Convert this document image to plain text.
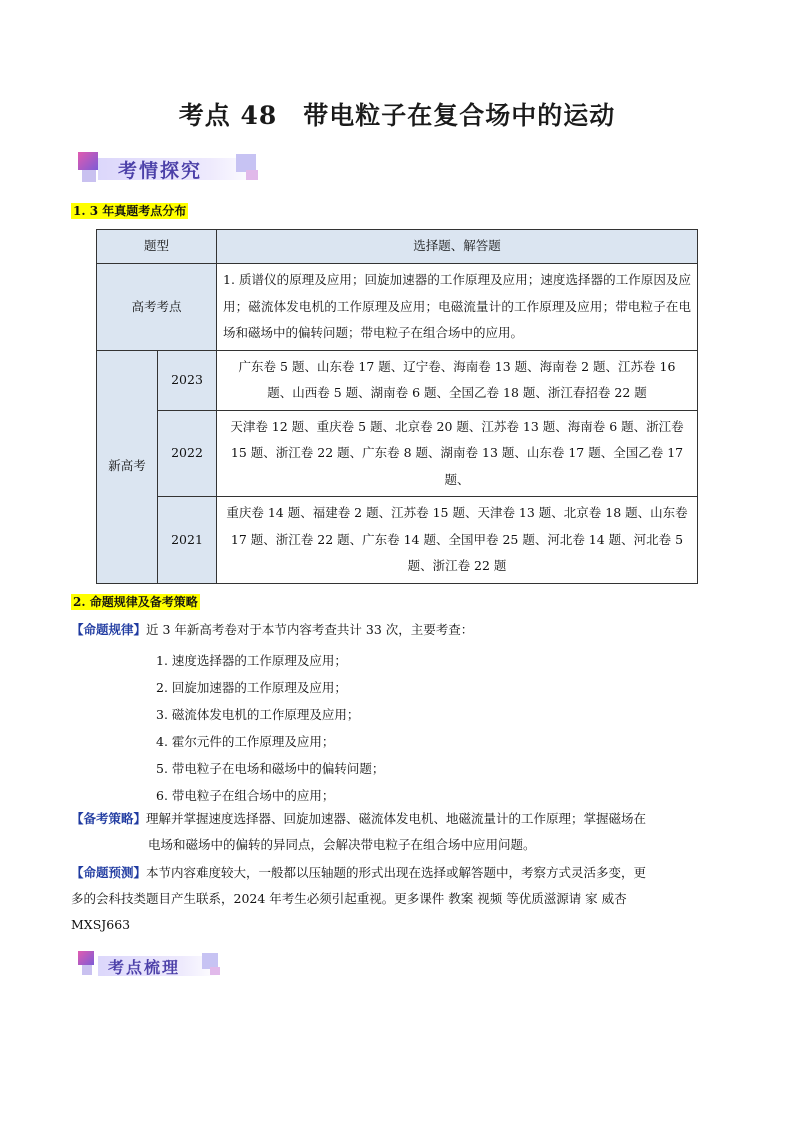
考点 48　带电粒子在复合场中的运动
考情探究
1. 3 年真题考点分布
题型		选择题、解答题
高考考点		1. 质谱仪的原理及应用；回旋加速器的工作原理及应用；速度选择器的工作原因及应用；磁流体发电机的工作原理及应用；电磁流量计的工作原理及应用；带电粒子在电场和磁场中的偏转问题；带电粒子在组合场中的应用。
新高考	2023	广东卷 5 题、山东卷 17 题、辽宁卷、海南卷 13 题、海南卷 2 题、江苏卷 16 题、山西卷 5 题、湖南卷 6 题、全国乙卷 18 题、浙江春招卷 22 题
	2022	天津卷 12 题、重庆卷 5 题、北京卷 20 题、江苏卷 13 题、海南卷 6 题、浙江卷 15 题、浙江卷 22 题、广东卷 8 题、湖南卷 13 题、山东卷 17 题、全国乙卷 17 题、
	2021	重庆卷 14 题、福建卷 2 题、江苏卷 15 题、天津卷 13 题、北京卷 18 题、山东卷 17 题、浙江卷 22 题、广东卷 14 题、全国甲卷 25 题、河北卷 14 题、河北卷 5 题、浙江卷 22 题
2. 命题规律及备考策略
【命题规律】近 3 年新高考卷对于本节内容考查共计 33 次，主要考查：
1. 速度选择器的工作原理及应用；
2. 回旋加速器的工作原理及应用；
3. 磁流体发电机的工作原理及应用；
4. 霍尔元件的工作原理及应用；
5. 带电粒子在电场和磁场中的偏转问题；
6. 带电粒子在组合场中的应用；
【备考策略】理解并掌握速度选择器、回旋加速器、磁流体发电机、地磁流量计的工作原理；掌握磁场在
电场和磁场中的偏转的异同点，会解决带电粒子在组合场中应用问题。
【命题预测】本节内容难度较大，一般都以压轴题的形式出现在选择或解答题中，考察方式灵活多变，更
多的会科技类题目产生联系，2024 年考生必须引起重视。更多课件 教案 视频 等优质滋源请 家 威杏
MXSJ663
考点梳理
